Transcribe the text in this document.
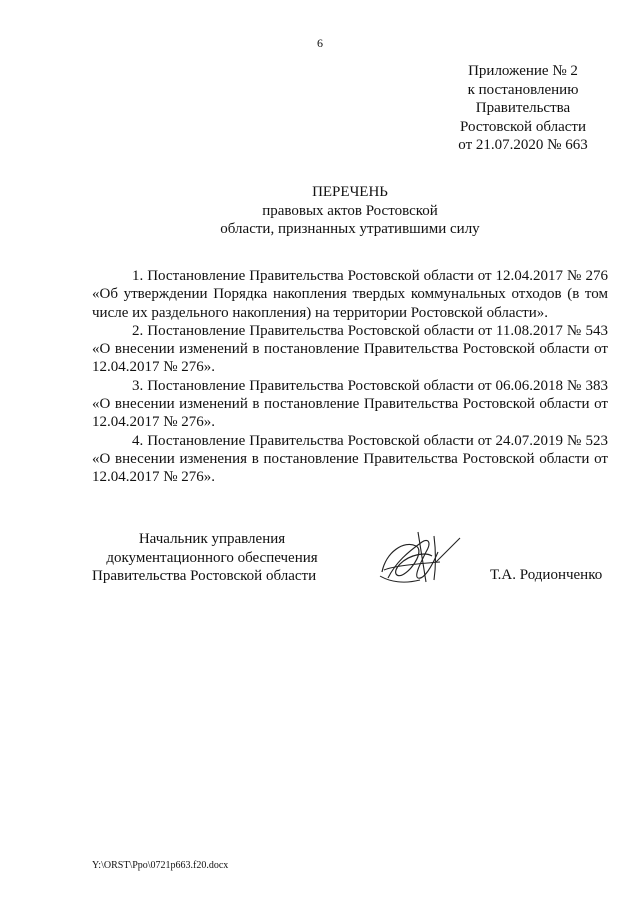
6
Приложение № 2
к постановлению
Правительства
Ростовской области
от 21.07.2020 № 663
ПЕРЕЧЕНЬ
правовых актов Ростовской
области, признанных утратившими силу

1. Постановление Правительства Ростовской области от 12.04.2017 № 276 «Об утверждении Порядка накопления твердых коммунальных отходов (в том числе их раздельного накопления) на территории Ростовской области».

2. Постановление Правительства Ростовской области от 11.08.2017 № 543 «О внесении изменений в постановление Правительства Ростовской области от 12.04.2017 № 276».

3. Постановление Правительства Ростовской области от 06.06.2018 № 383 «О внесении изменений в постановление Правительства Ростовской области от 12.04.2017 № 276».

4. Постановление Правительства Ростовской области от 24.07.2019 № 523 «О внесении изменения в постановление Правительства Ростовской области от 12.04.2017 № 276».

Начальник управления
документационного обеспечения
Правительства Ростовской области	Т.А. Родионченко
Y:\ORST\Ppo\0721p663.f20.docx
